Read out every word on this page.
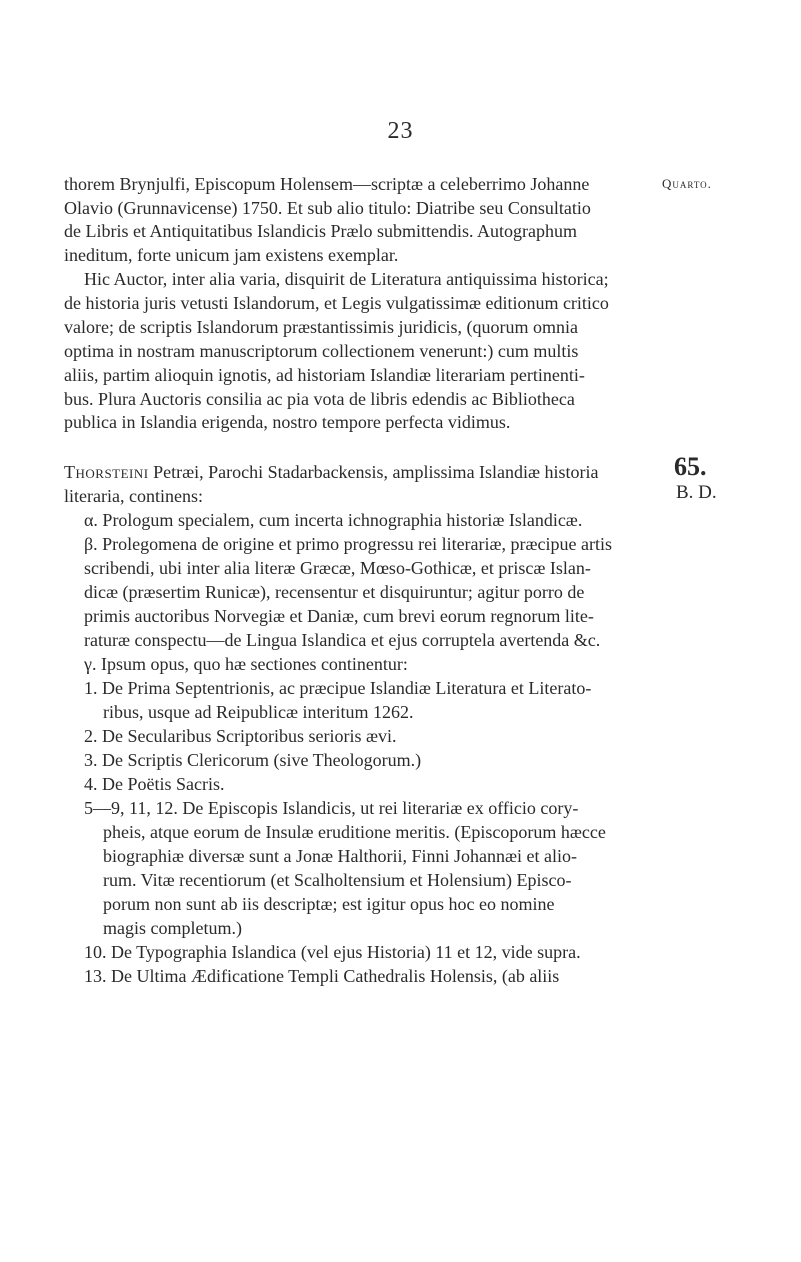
23
thorem Brynjulfi, Episcopum Holensem—scriptæ a celeberrimo Johanne	Quarto.
Olavio (Grunnavicense) 1750. Et sub alio titulo: Diatribe seu Consultatio
de Libris et Antiquitatibus Islandicis Prælo submittendis. Autographum
ineditum, forte unicum jam existens exemplar.
Hic Auctor, inter alia varia, disquirit de Literatura antiquissima historica;
de historia juris vetusti Islandorum, et Legis vulgatissimæ editionum critico
valore; de scriptis Islandorum præstantissimis juridicis, (quorum omnia
optima in nostram manuscriptorum collectionem venerunt:) cum multis
aliis, partim alioquin ignotis, ad historiam Islandiæ literariam pertinenti-
bus. Plura Auctoris consilia ac pia vota de libris edendis ac Bibliotheca
publica in Islandia erigenda, nostro tempore perfecta vidimus.
Thorsteini Petræi, Parochi Stadarbackensis, amplissima Islandiæ historia	65.
literaria, continens:	B. D.
α. Prologum specialem, cum incerta ichnographia historiæ Islandicæ.
β. Prolegomena de origine et primo progressu rei literariæ, præcipue artis
scribendi, ubi inter alia literæ Græcæ, Mœso-Gothicæ, et priscæ Islan-
dicæ (præsertim Runicæ), recensentur et disquiruntur; agitur porro de
primis auctoribus Norvegiæ et Daniæ, cum brevi eorum regnorum lite-
raturæ conspectu—de Lingua Islandica et ejus corruptela avertenda &c.
γ. Ipsum opus, quo hæ sectiones continentur:
1. De Prima Septentrionis, ac præcipue Islandiæ Literatura et Literato-
ribus, usque ad Reipublicæ interitum 1262.
2. De Secularibus Scriptoribus serioris ævi.
3. De Scriptis Clericorum (sive Theologorum.)
4. De Poëtis Sacris.
5—9, 11, 12. De Episcopis Islandicis, ut rei literariæ ex officio cory-
pheis, atque eorum de Insulæ eruditione meritis. (Episcoporum hæcce
biographiæ diversæ sunt a Jonæ Halthorii, Finni Johannæi et alio-
rum. Vitæ recentiorum (et Scalholtensium et Holensium) Episco-
porum non sunt ab iis descriptæ; est igitur opus hoc eo nomine
magis completum.)
10. De Typographia Islandica (vel ejus Historia) 11 et 12, vide supra.
13. De Ultima Ædificatione Templi Cathedralis Holensis, (ab aliis
